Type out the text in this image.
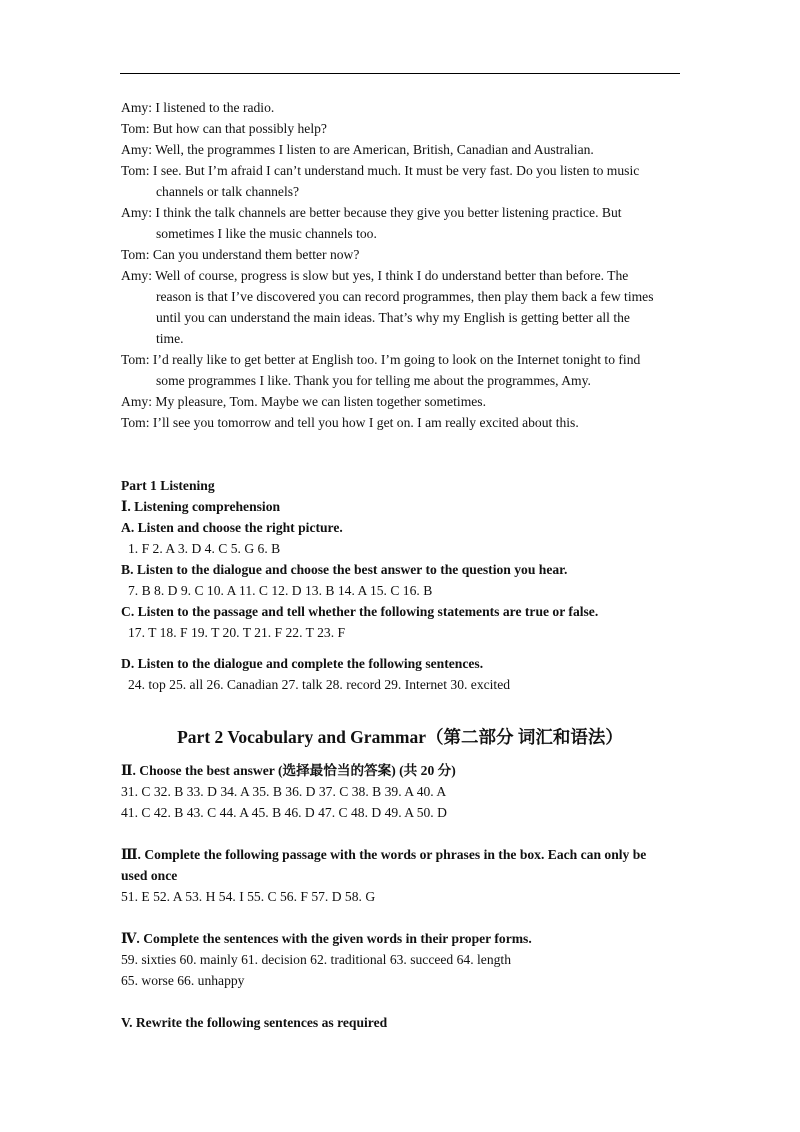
Amy: I listened to the radio.
Tom: But how can that possibly help?
Amy: Well, the programmes I listen to are American, British, Canadian and Australian.
Tom: I see. But I’m afraid I can’t understand much. It must be very fast. Do you listen to music
channels or talk channels?
Amy: I think the talk channels are better because they give you better listening practice. But
sometimes I like the music channels too.
Tom: Can you understand them better now?
Amy: Well of course, progress is slow but yes, I think I do understand better than before. The
reason is that I’ve discovered you can record programmes, then play them back a few times
until you can understand the main ideas. That’s why my English is getting better all the
time.
Tom: I’d really like to get better at English too. I’m going to look on the Internet tonight to find
some programmes I like. Thank you for telling me about the programmes, Amy.
Amy: My pleasure, Tom. Maybe we can listen together sometimes.
Tom: I’ll see you tomorrow and tell you how I get on. I am really excited about this.
Part 1 Listening
Ⅰ. Listening comprehension
A. Listen and choose the right picture.
1. F 2. A 3. D 4. C 5. G 6. B
B. Listen to the dialogue and choose the best answer to the question you hear.
7. B 8. D 9. C 10. A 11. C 12. D 13. B 14. A 15. C 16. B
C. Listen to the passage and tell whether the following statements are true or false.
17. T 18. F 19. T 20. T 21. F 22. T 23. F
D. Listen to the dialogue and complete the following sentences.
24. top 25. all 26. Canadian 27. talk 28. record 29. Internet 30. excited
Part 2 Vocabulary and Grammar（第二部分 词汇和语法）
Ⅱ. Choose the best answer (选择最恰当的答案) (共 20 分)
31. C 32. B 33. D 34. A 35. B 36. D 37. C 38. B 39. A 40. A
41. C 42. B 43. C 44. A 45. B 46. D 47. C 48. D 49. A 50. D
Ⅲ. Complete the following passage with the words or phrases in the box. Each can only be
used once
51. E 52. A 53. H 54. I 55. C 56. F 57. D 58. G
Ⅳ. Complete the sentences with the given words in their proper forms.
59. sixties 60. mainly 61. decision 62. traditional 63. succeed 64. length
65. worse 66. unhappy
V. Rewrite the following sentences as required
